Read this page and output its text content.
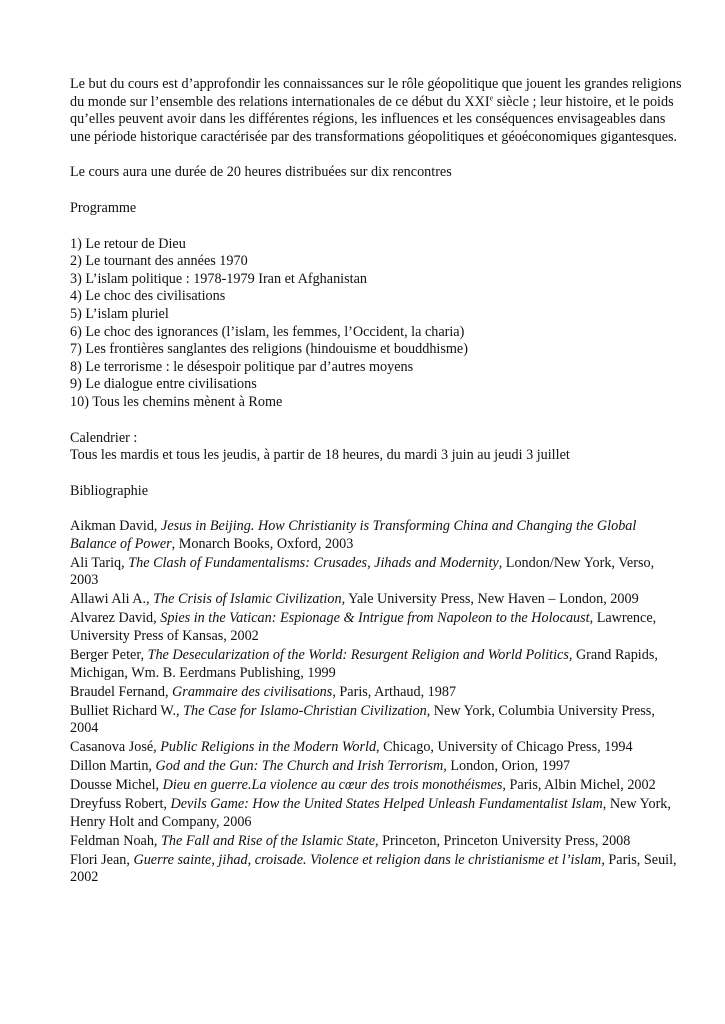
Le but du cours est d’approfondir les connaissances sur le rôle géopolitique que jouent les grandes religions du monde sur l’ensemble des relations internationales de ce début du XXIe siècle ; leur histoire, et le poids qu’elles peuvent avoir dans les différentes régions, les influences et les conséquences envisageables dans une période historique caractérisée par des transformations géopolitiques et géoéconomiques gigantesques.

Le cours aura une durée de 20 heures distribuées sur dix rencontres

Programme

1) Le retour de Dieu
2) Le tournant des années 1970
3) L’islam politique : 1978-1979 Iran et Afghanistan
4) Le choc des civilisations
5) L’islam pluriel
6) Le choc des ignorances (l’islam, les femmes, l’Occident, la charia)
7) Les frontières sanglantes des religions (hindouisme et bouddhisme)
8) Le terrorisme : le désespoir politique par d’autres moyens
9) Le dialogue entre civilisations
10) Tous les chemins mènent à Rome

Calendrier :

Tous les mardis et tous les jeudis, à partir de 18 heures, du mardi 3 juin au jeudi 3 juillet

Bibliographie

Aikman David, Jesus in Beijing. How Christianity is Transforming China and Changing the Global Balance of Power, Monarch Books, Oxford, 2003

Ali Tariq, The Clash of Fundamentalisms: Crusades, Jihads and Modernity, London/New York, Verso, 2003

Allawi Ali A., The Crisis of Islamic Civilization, Yale University Press, New Haven – London, 2009

Alvarez David, Spies in the Vatican: Espionage & Intrigue from Napoleon to the Holocaust, Lawrence, University Press of Kansas, 2002

Berger Peter, The Desecularization of the World: Resurgent Religion and World Politics, Grand Rapids, Michigan, Wm. B. Eerdmans Publishing, 1999

Braudel Fernand, Grammaire des civilisations, Paris, Arthaud, 1987

Bulliet Richard W., The Case for Islamo-Christian Civilization, New York, Columbia University Press, 2004

Casanova José, Public Religions in the Modern World, Chicago, University of Chicago Press, 1994

Dillon Martin, God and the Gun: The Church and Irish Terrorism, London, Orion, 1997

Dousse Michel, Dieu en guerre.La violence au cœur des trois monothéismes, Paris, Albin Michel, 2002

Dreyfuss Robert, Devils Game: How the United States Helped Unleash Fundamentalist Islam, New York, Henry Holt and Company, 2006

Feldman Noah, The Fall and Rise of the Islamic State, Princeton, Princeton University Press, 2008

Flori Jean, Guerre sainte, jihad, croisade. Violence et religion dans le christianisme et l’islam, Paris, Seuil, 2002
